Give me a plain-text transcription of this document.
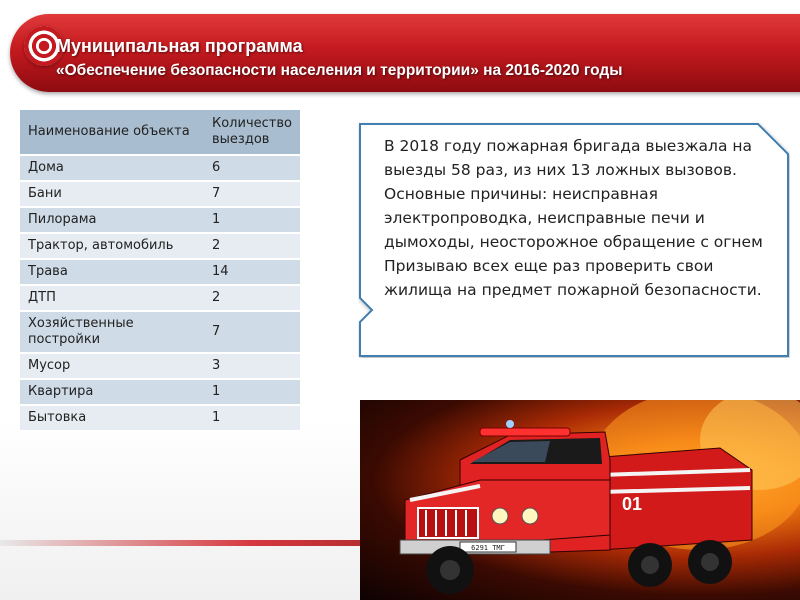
Муниципальная программа
«Обеспечение безопасности населения и территории» на 2016-2020 годы
Наименование объекта	Количество выездов
Дома	6
Бани	7
Пилорама	1
Трактор, автомобиль	2
Трава	14
ДТП	2
Хозяйственные постройки	7
Мусор	3
Квартира	1
Бытовка	1
В 2018 году пожарная бригада выезжала на выезды 58 раз, из них 13 ложных вызовов.
Основные причины: неисправная электропроводка, неисправные печи и дымоходы, неосторожное обращение с огнем
Призываю всех еще раз проверить свои жилища на предмет пожарной безопасности.
6291 ТМГ
01
